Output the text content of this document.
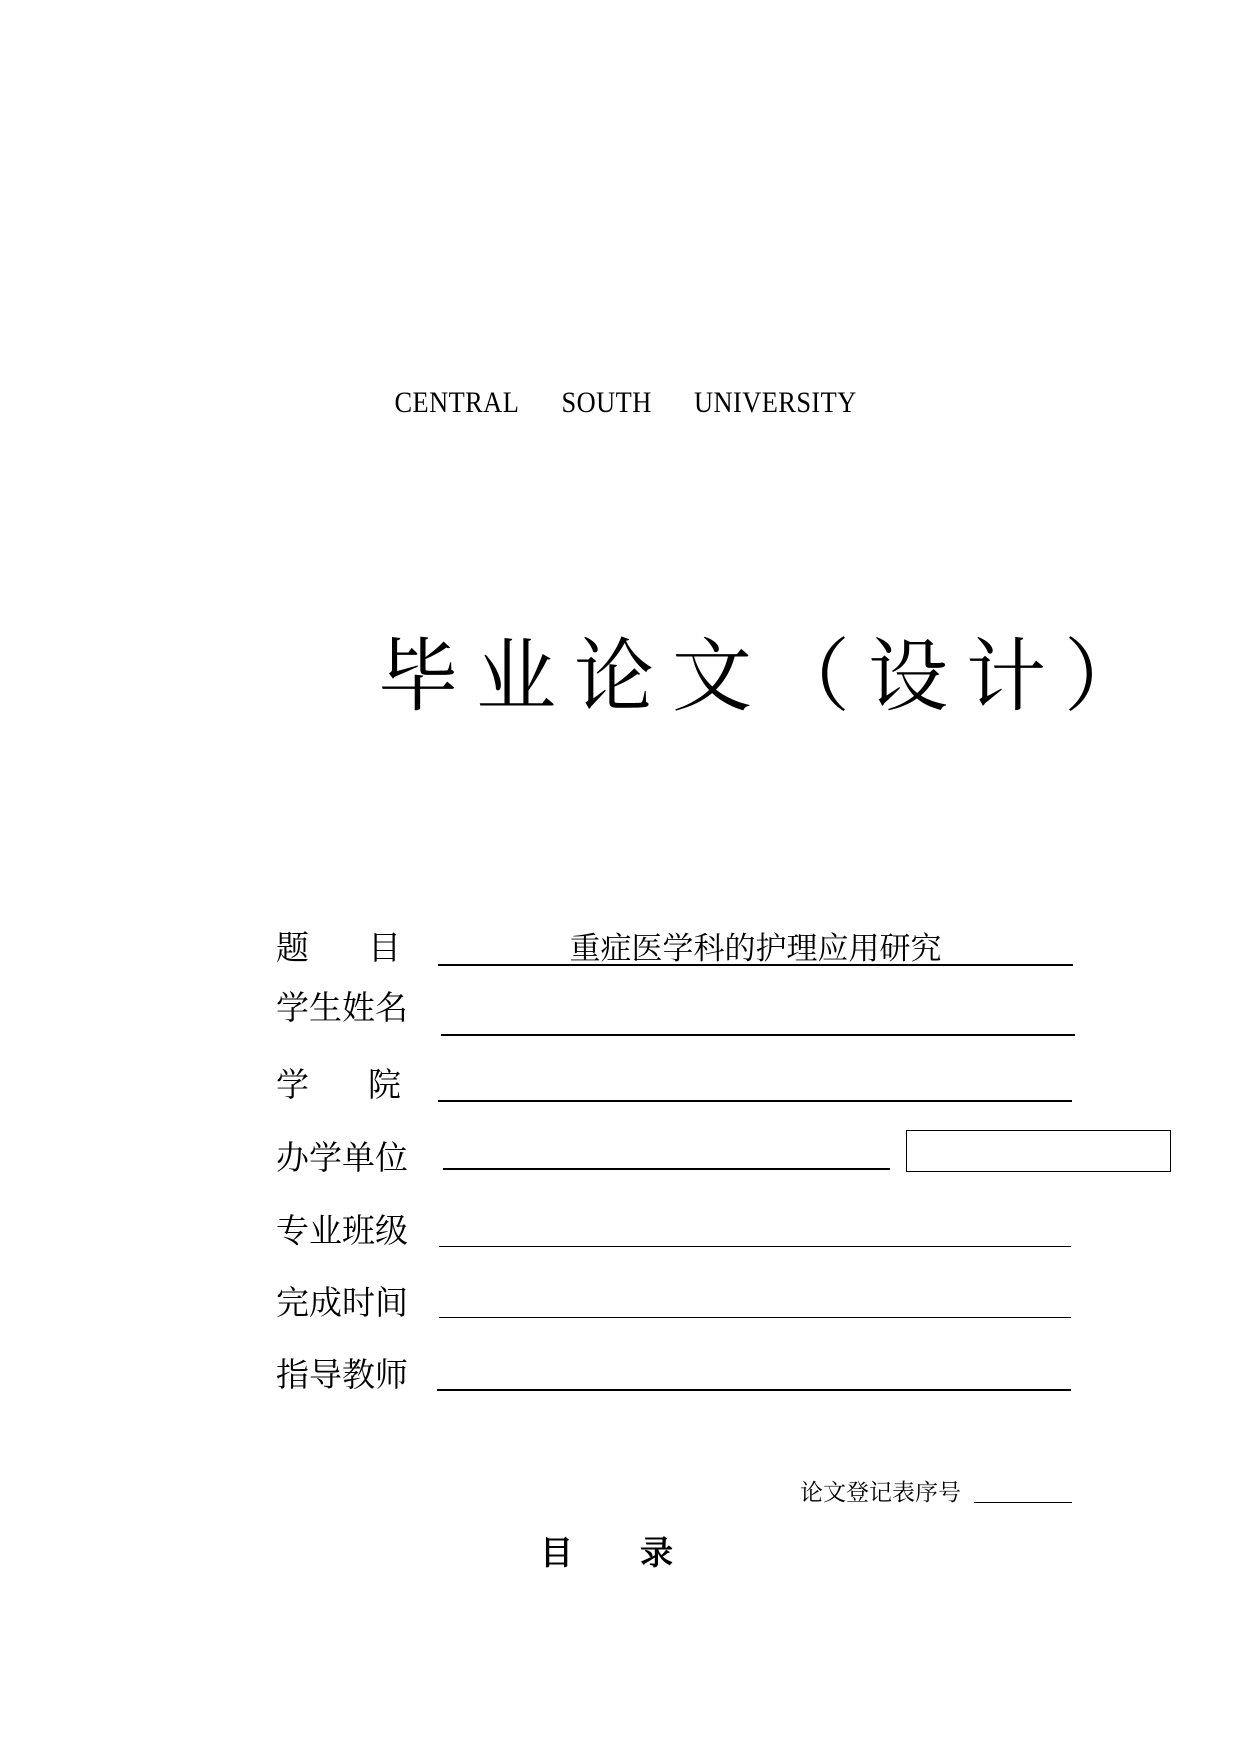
CENTRAL SOUTH UNIVERSITY
毕业论文（设计）
题 目	重症医学科的护理应用研究
学生姓名
学 院
办学单位
专业班级
完成时间
指导教师
论文登记表序号
目 录
